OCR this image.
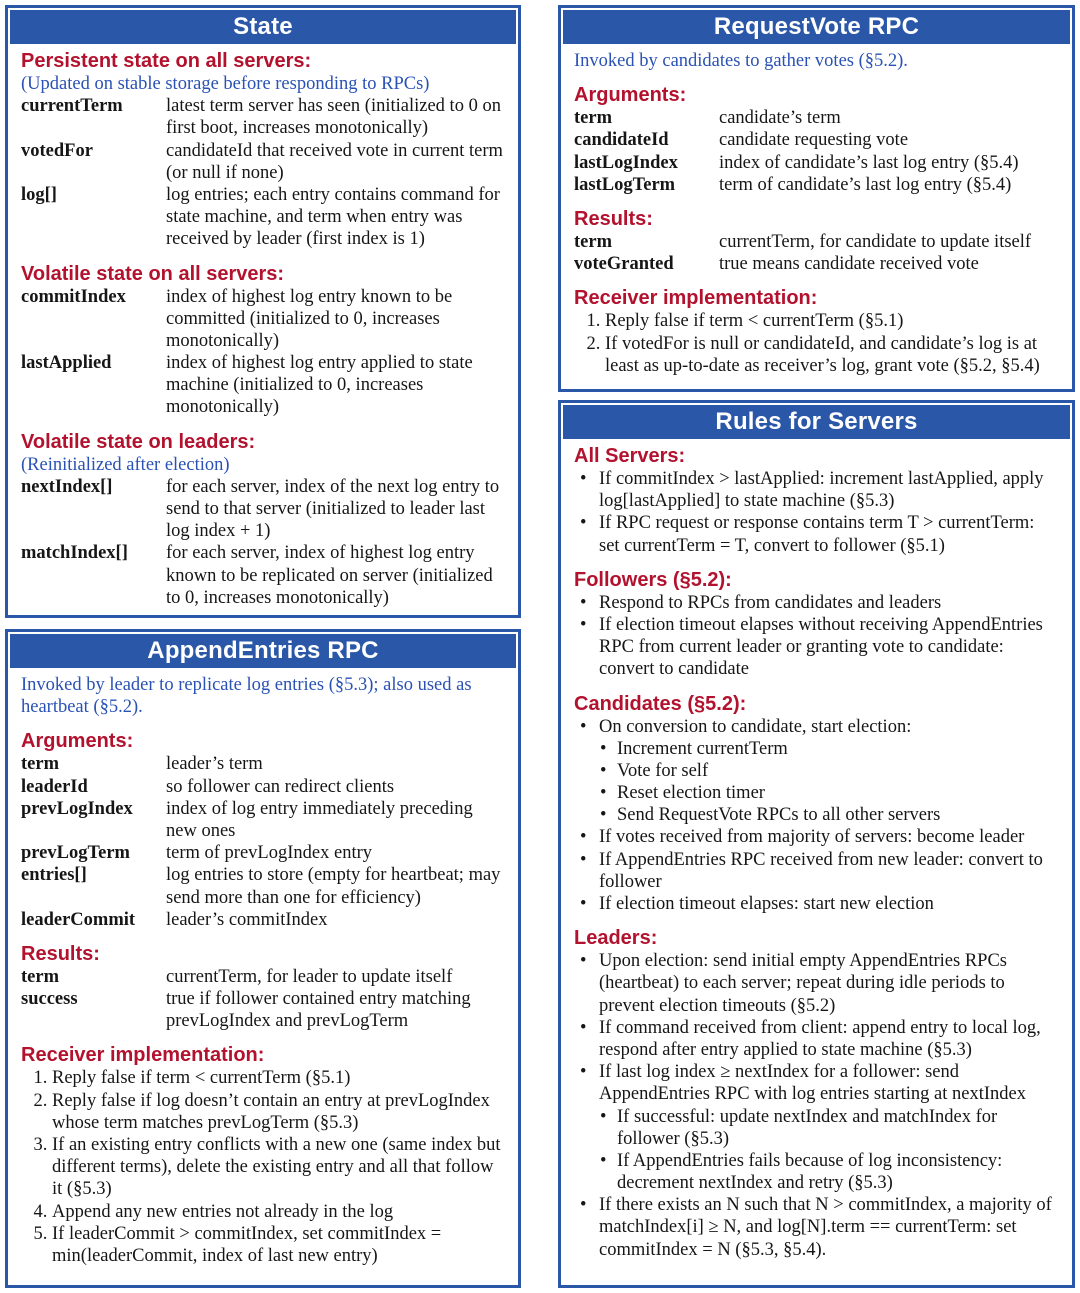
State
Persistent state on all servers:

(Updated on stable storage before responding to RPCs)

currentTerm	latest term server has seen (initialized to 0 on first boot, increases monotonically)
votedFor	candidateId that received vote in current term (or null if none)
log[]	log entries; each entry contains command for state machine, and term when entry was received by leader (first index is 1)
Volatile state on all servers:
commitIndex	index of highest log entry known to be committed (initialized to 0, increases monotonically)
lastApplied	index of highest log entry applied to state machine (initialized to 0, increases monotonically)
Volatile state on leaders:

(Reinitialized after election)

nextIndex[]	for each server, index of the next log entry to send to that server (initialized to leader last log index + 1)
matchIndex[]	for each server, index of highest log entry known to be replicated on server (initialized to 0, increases monotonically)
AppendEntries RPC

Invoked by leader to replicate log entries (§5.3); also used as heartbeat (§5.2).

Arguments:
term	leader’s term
leaderId	so follower can redirect clients
prevLogIndex	index of log entry immediately preceding new ones
prevLogTerm	term of prevLogIndex entry
entries[]	log entries to store (empty for heartbeat; may send more than one for efficiency)
leaderCommit	leader’s commitIndex
Results:
term	currentTerm, for leader to update itself
success	true if follower contained entry matching prevLogIndex and prevLogTerm
Receiver implementation:
1. Reply false if term < currentTerm (§5.1)
2. Reply false if log doesn’t contain an entry at prevLogIndex whose term matches prevLogTerm (§5.3)
3. If an existing entry conflicts with a new one (same index but different terms), delete the existing entry and all that follow it (§5.3)
4. Append any new entries not already in the log
5. If leaderCommit > commitIndex, set commitIndex = min(leaderCommit, index of last new entry)
RequestVote RPC

Invoked by candidates to gather votes (§5.2).

Arguments:
term	candidate’s term
candidateId	candidate requesting vote
lastLogIndex	index of candidate’s last log entry (§5.4)
lastLogTerm	term of candidate’s last log entry (§5.4)
Results:
term	currentTerm, for candidate to update itself
voteGranted	true means candidate received vote
Receiver implementation:
1. Reply false if term < currentTerm (§5.1)
2. If votedFor is null or candidateId, and candidate’s log is at least as up-to-date as receiver’s log, grant vote (§5.2, §5.4)
Rules for Servers
All Servers:
• If commitIndex > lastApplied: increment lastApplied, apply log[lastApplied] to state machine (§5.3)
• If RPC request or response contains term T > currentTerm: set currentTerm = T, convert to follower (§5.1)
Followers (§5.2):
• Respond to RPCs from candidates and leaders
• If election timeout elapses without receiving AppendEntries RPC from current leader or granting vote to candidate: convert to candidate
Candidates (§5.2):
• On conversion to candidate, start election:
• Increment currentTerm
• Vote for self
• Reset election timer
• Send RequestVote RPCs to all other servers
• If votes received from majority of servers: become leader
• If AppendEntries RPC received from new leader: convert to follower
• If election timeout elapses: start new election
Leaders:
• Upon election: send initial empty AppendEntries RPCs (heartbeat) to each server; repeat during idle periods to prevent election timeouts (§5.2)
• If command received from client: append entry to local log, respond after entry applied to state machine (§5.3)
• If last log index ≥ nextIndex for a follower: send AppendEntries RPC with log entries starting at nextIndex
• If successful: update nextIndex and matchIndex for follower (§5.3)
• If AppendEntries fails because of log inconsistency: decrement nextIndex and retry (§5.3)
• If there exists an N such that N > commitIndex, a majority of matchIndex[i] ≥ N, and log[N].term == currentTerm: set commitIndex = N (§5.3, §5.4).
